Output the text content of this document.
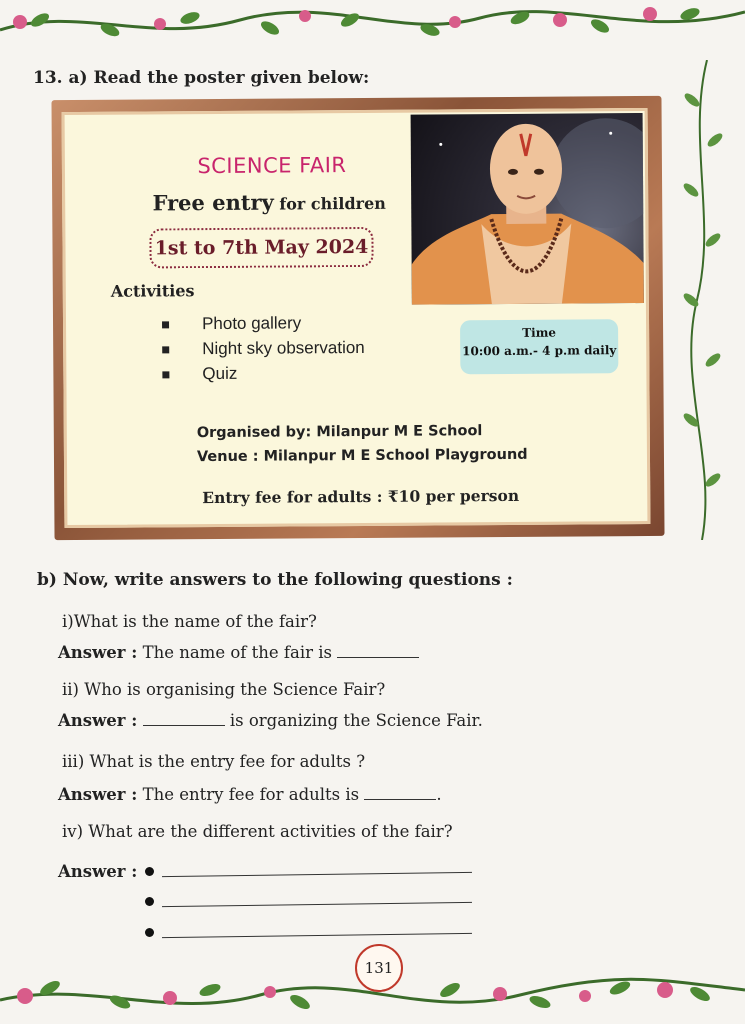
13. a) Read the poster given below:
SCIENCE FAIR
Free entry for children
1st to 7th May 2024
Activities
Photo gallery
Night sky observation
Quiz
Time
10:00 a.m.- 4 p.m daily
Organised by: Milanpur M E School
Venue : Milanpur M E School Playground
Entry fee for adults : ₹10 per person
b) Now, write answers to the following questions :
i)What is the name of the fair?
Answer : The name of the fair is
ii) Who is organising the Science Fair?
Answer :	is organizing the Science Fair.
iii) What is the entry fee for adults ?
Answer : The entry fee for adults is	.
iv) What are the different activities of the fair?
Answer :
131
